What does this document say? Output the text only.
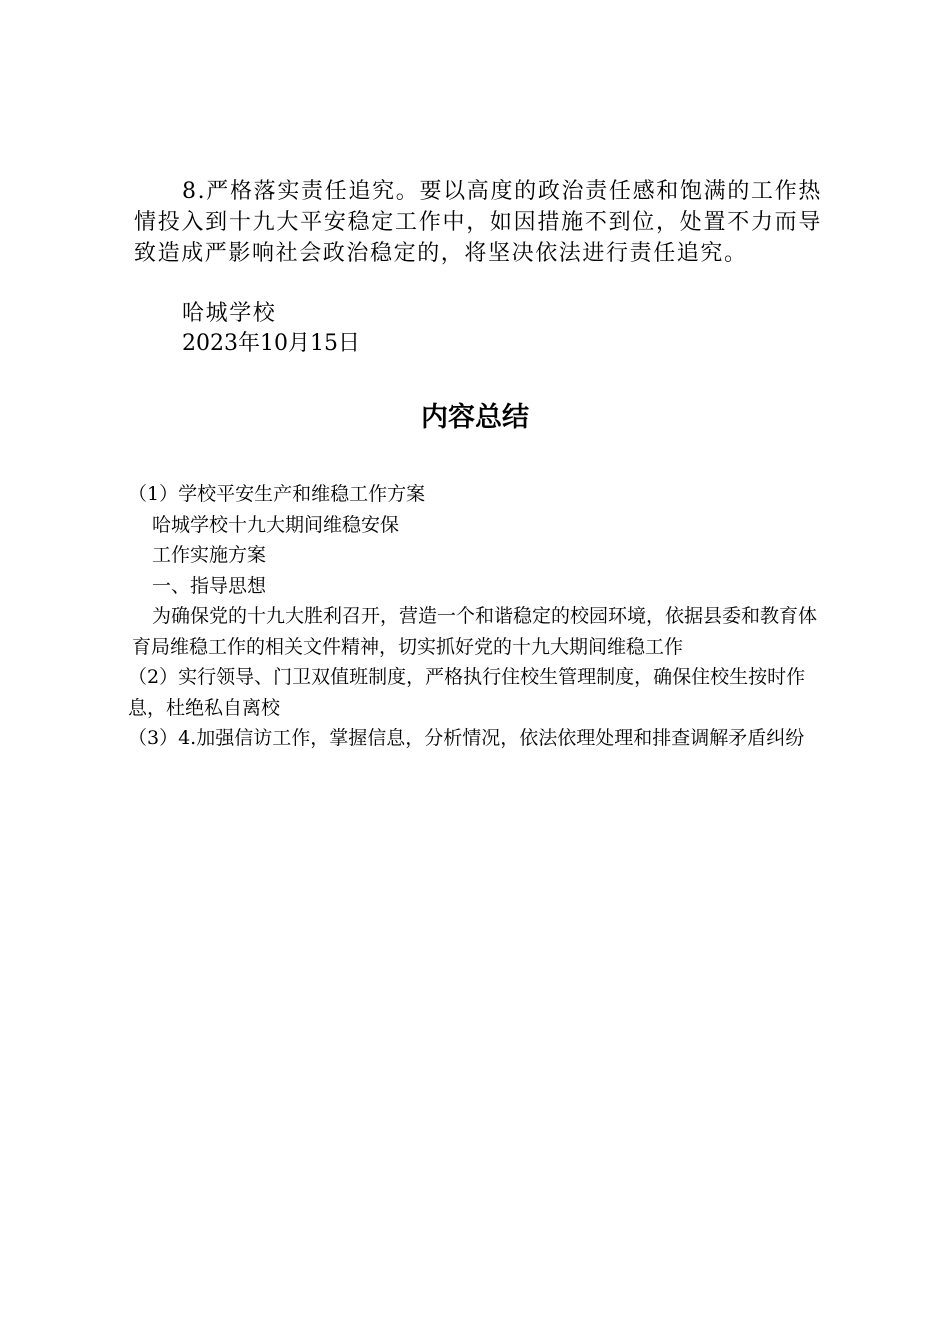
8.严格落实责任追究。要以高度的政治责任感和饱满的工作热情投入到十九大平安稳定工作中，如因措施不到位，处置不力而导致造成严影响社会政治稳定的，将坚决依法进行责任追究。

哈城学校

2023年10月15日

内容总结

（1）学校平安生产和维稳工作方案

哈城学校十九大期间维稳安保

工作实施方案

一、指导思想

为确保党的十九大胜利召开，营造一个和谐稳定的校园环境，依据县委和教育体育局维稳工作的相关文件精神，切实抓好党的十九大期间维稳工作

（2）实行领导、门卫双值班制度，严格执行住校生管理制度，确保住校生按时作息，杜绝私自离校

（3）4.加强信访工作，掌握信息，分析情况，依法依理处理和排查调解矛盾纠纷
